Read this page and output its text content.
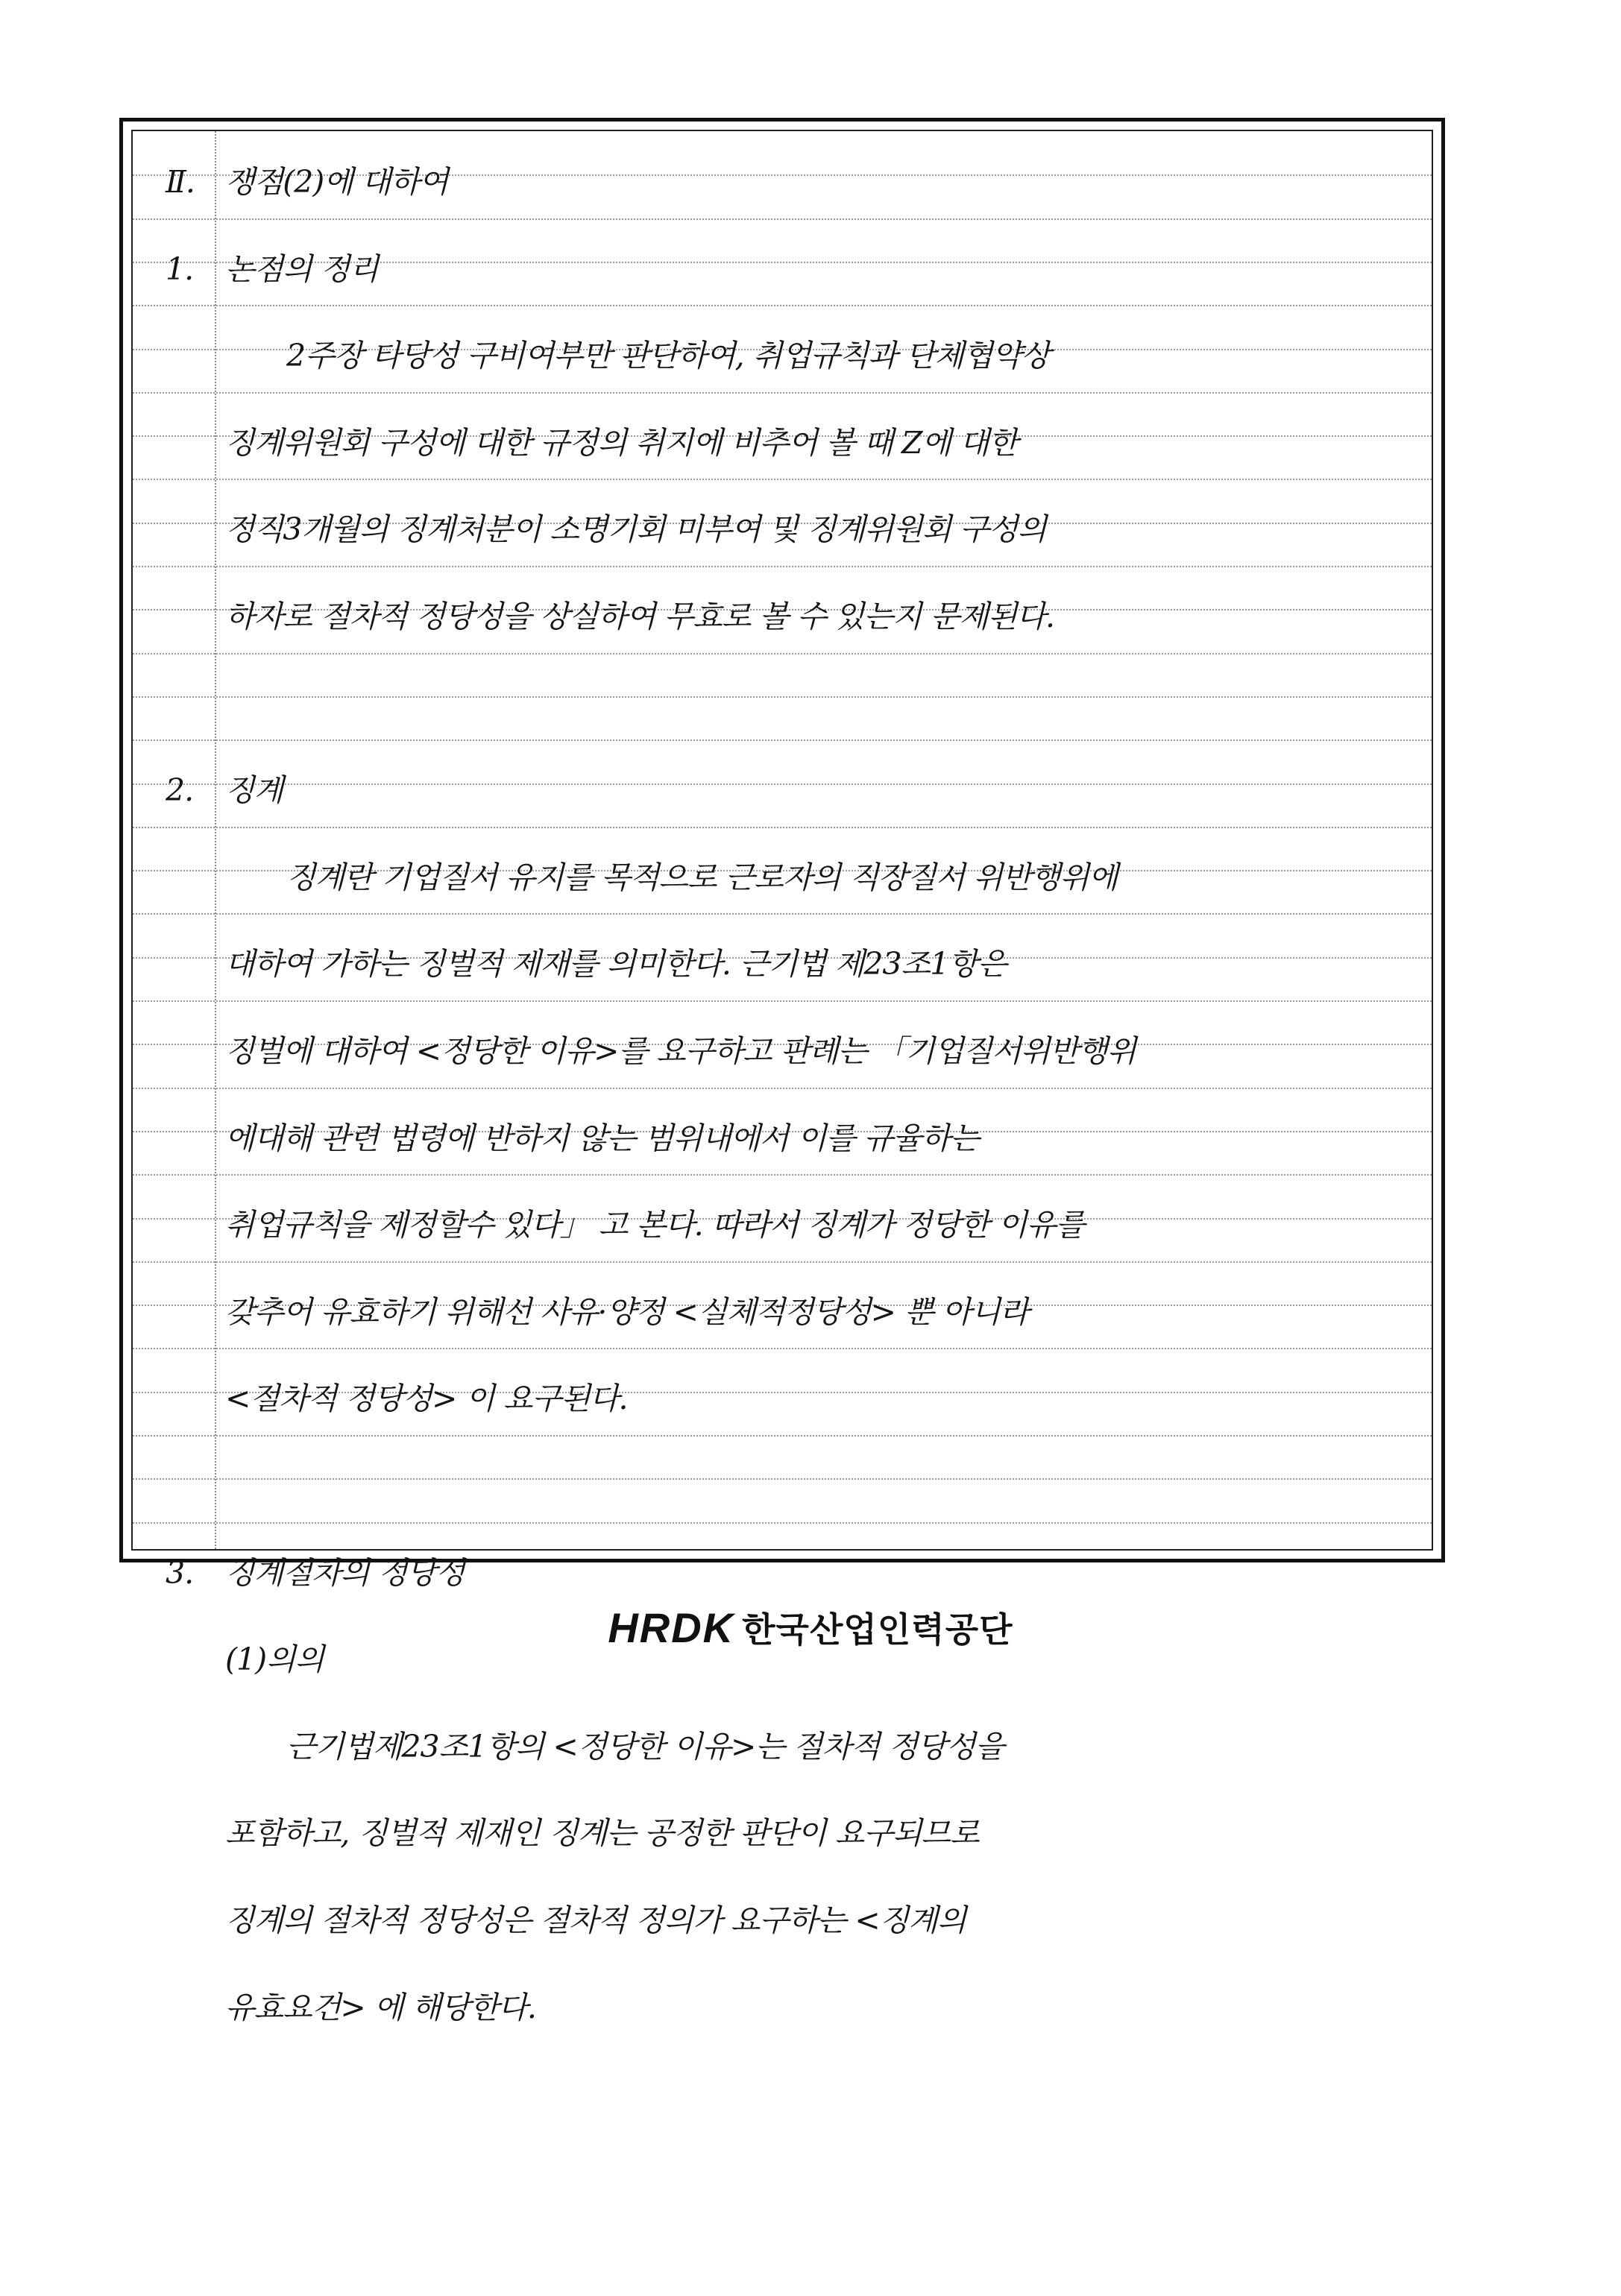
Ⅱ.	쟁점(2)에 대하여
1.	논점의 정리
2주장 타당성 구비여부만 판단하여, 취업규칙과 단체협약상
징계위원회 구성에 대한 규정의 취지에 비추어 볼 때 Z에 대한
정직3개월의 징계처분이 소명기회 미부여 및 징계위원회 구성의
하자로 절차적 정당성을 상실하여 무효로 볼 수 있는지 문제된다.
2.	징계
징계란 기업질서 유지를 목적으로 근로자의 직장질서 위반행위에
대하여 가하는 징벌적 제재를 의미한다. 근기법 제23조1항은
징벌에 대하여 <정당한 이유>를 요구하고 판례는 「기업질서위반행위
에대해 관련 법령에 반하지 않는 범위내에서 이를 규율하는
취업규칙을 제정할수 있다」 고 본다. 따라서 징계가 정당한 이유를
갖추어 유효하기 위해선 사유·양정 <실체적정당성> 뿐 아니라
<절차적 정당성> 이 요구된다.
3.	징계절차의 정당성
(1)의의
근기법제23조1항의 <정당한 이유>는 절차적 정당성을
포함하고, 징벌적 제재인 징계는 공정한 판단이 요구되므로
징계의 절차적 정당성은 절차적 정의가 요구하는 <징계의
유효요건> 에 해당한다.
HRDK 한국산업인력공단
